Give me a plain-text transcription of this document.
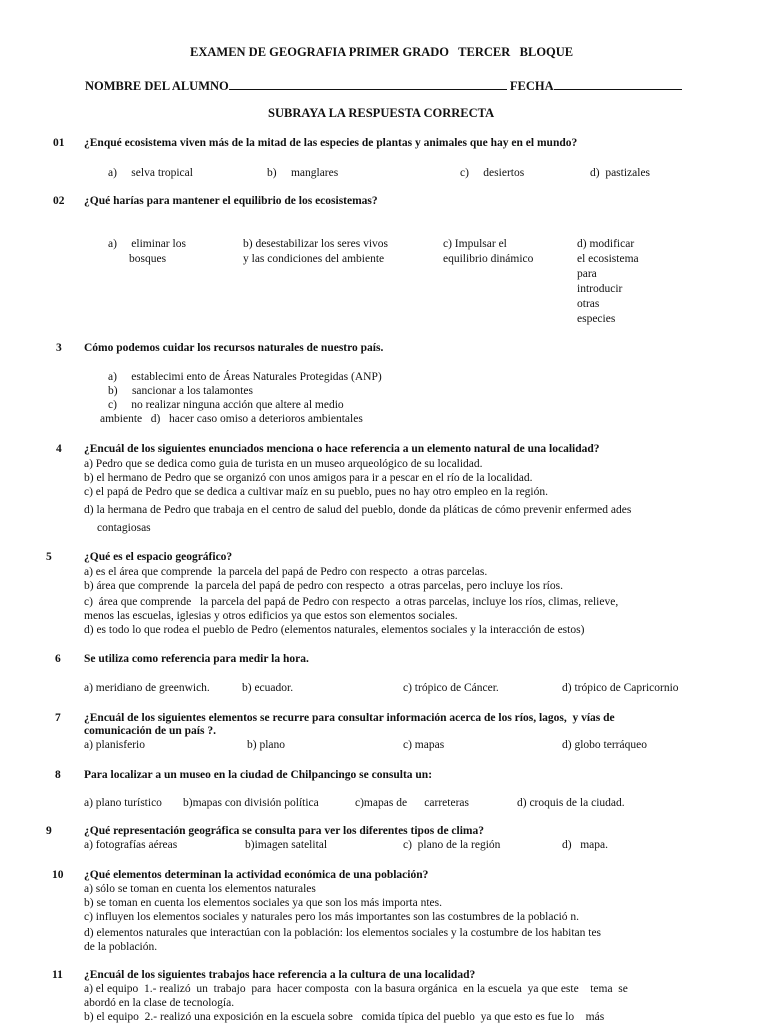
EXAMEN DE GEOGRAFIA PRIMER GRADO   TERCER   BLOQUE
NOMBRE DEL ALUMNO	FECHA
SUBRAYA LA RESPUESTA CORRECTA
01 ¿Enqué ecosistema viven más de la mitad de las especies de plantas y animales que hay en el mundo?
a)     selva tropical	b)     manglares	c)     desiertos	d)  pastizales
02 ¿Qué harías para mantener el equilibrio de los ecosistemas?
a)     eliminar los
bosques
b) desestabilizar los seres vivos
y las condiciones del ambiente
c) Impulsar el
equilibrio dinámico
d) modificar
el ecosistema
para
introducir
otras
especies
3 Cómo podemos cuidar los recursos naturales de nuestro país.
a)     establecimi ento de Áreas Naturales Protegidas (ANP)
b)     sancionar a los talamontes
c)     no realizar ninguna acción que altere al medio
ambiente   d)   hacer caso omiso a deterioros ambientales
4 ¿Encuál de los siguientes enunciados menciona o hace referencia a un elemento natural de una localidad?
a) Pedro que se dedica como guia de turista en un museo arqueológico de su localidad.
b) el hermano de Pedro que se organizó con unos amigos para ir a pescar en el río de la localidad.
c) el papá de Pedro que se dedica a cultivar maíz en su pueblo, pues no hay otro empleo en la región.
d) la hermana de Pedro que trabaja en el centro de salud del pueblo, donde da pláticas de cómo prevenir enfermed ades
contagiosas
5	¿Qué es el espacio geográfico?
a) es el área que comprende  la parcela del papá de Pedro con respecto  a otras parcelas.
b) área que comprende  la parcela del papá de pedro con respecto  a otras parcelas, pero incluye los ríos.
c)  área que comprende   la parcela del papá de Pedro con respecto  a otras parcelas, incluye los ríos, climas, relieve,
menos las escuelas, iglesias y otros edificios ya que estos son elementos sociales.
d) es todo lo que rodea el pueblo de Pedro (elementos naturales, elementos sociales y la interacción de estos)
6 Se utiliza como referencia para medir la hora.
a) meridiano de greenwich.	b) ecuador.	c) trópico de Cáncer.	d) trópico de Capricornio
7 ¿Encuál de los siguientes elementos se recurre para consultar información acerca de los ríos, lagos,  y vías de
comunicación de un país ?.
a) planisferio	b) plano	c) mapas	d) globo terráqueo
8 Para localizar a un museo en la ciudad de Chilpancingo se consulta un:
a) plano turístico b)mapas con división política	c)mapas de      carreteras	d) croquis de la ciudad.
9	¿Qué representación geográfica se consulta para ver los diferentes tipos de clima?
a) fotografías aéreas	b)imagen satelital	c)  plano de la región	d)   mapa.
10 ¿Qué elementos determinan la actividad económica de una población?
a) sólo se toman en cuenta los elementos naturales
b) se toman en cuenta los elementos sociales ya que son los más importa ntes.
c) influyen los elementos sociales y naturales pero los más importantes son las costumbres de la població n.
d) elementos naturales que interactúan con la población: los elementos sociales y la costumbre de los habitan tes
de la población.
11 ¿Encuál de los siguientes trabajos hace referencia a la cultura de una localidad?
a) el equipo  1.- realizó  un  trabajo  para  hacer composta  con la basura orgánica  en la escuela  ya que este    tema  se
abordó en la clase de tecnología.
b) el equipo  2.- realizó una exposición en la escuela sobre   comida típica del pueblo  ya que esto es fue lo    más
